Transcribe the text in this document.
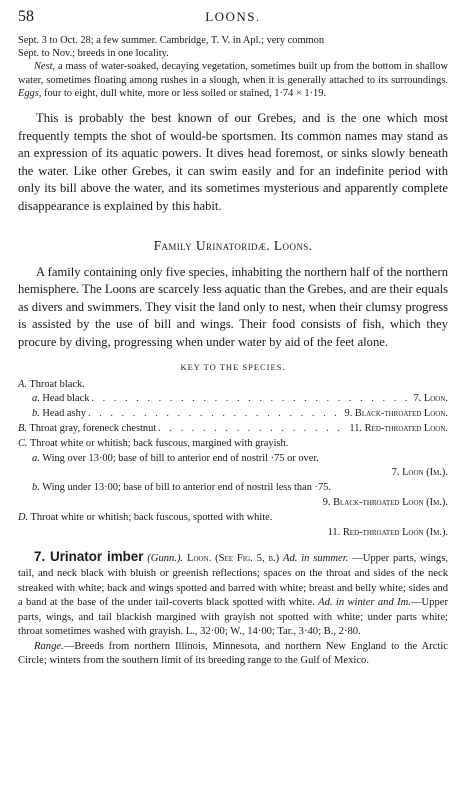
58	LOONS.

Sept. 3 to Oct. 28; a few summer. Cambridge, T. V. in Apl.; very common

Sept. to Nov.; breeds in one locality.

Nest, a mass of water-soaked, decaying vegetation, sometimes built up from the bottom in shallow water, sometimes floating among rushes in a slough, when it is generally attached to its surroundings. Eggs, four to eight, dull white, more or less soiled or stained, 1·74 × 1·19.

This is probably the best known of our Grebes, and is the one which most frequently tempts the shot of would-be sportsmen. Its common names may stand as an expression of its aquatic powers. It dives head foremost, or sinks slowly beneath the water. Like other Grebes, it can swim easily and for an indefinite period with only its bill above the water, and its sometimes mysterious and apparently complete disappearance is explained by this habit.

Family Urinatoridæ. Loons.

A family containing only five species, inhabiting the northern half of the northern hemisphere. The Loons are scarcely less aquatic than the Grebes, and are their equals as divers and swimmers. They visit the land only to nest, when their clumsy progress is assisted by the use of bill and wings. Their food consists of fish, which they procure by diving, progressing when under water by aid of the feet alone.

KEY TO THE SPECIES.
A. Throat black.
a. Head black . . .	7. Loon.
b. Head ashy . . .	9. Black-throated Loon.
B. Throat gray, foreneck chestnut . . .	11. Red-throated Loon.
C. Throat white or whitish; back fuscous, margined with grayish.
a. Wing over 13·00; base of bill to anterior end of nostril ·75 or over.
7. Loon (Im.).
b. Wing under 13·00; base of bill to anterior end of nostril less than ·75.
9. Black-throated Loon (Im.).
D. Throat white or whitish; back fuscous, spotted with white.
11. Red-throated Loon (Im.).

7. Urinator imber (Gunn.). Loon. (See Fig. 5, b.) Ad. in summer. —Upper parts, wings, tail, and neck black with bluish or greenish reflections; spaces on the throat and sides of the neck streaked with white; back and wings spotted and barred with white; breast and belly white; sides and a band at the base of the under tail-coverts black spotted with white. Ad. in winter and Im.—Upper parts, wings, and tail blackish margined with grayish not spotted with white; under parts white; throat sometimes washed with grayish. L., 32·00; W., 14·00; Tar., 3·40; B., 2·80.

Range.—Breeds from northern Illinois, Minnesota, and northern New England to the Arctic Circle; winters from the southern limit of its breeding range to the Gulf of Mexico.
